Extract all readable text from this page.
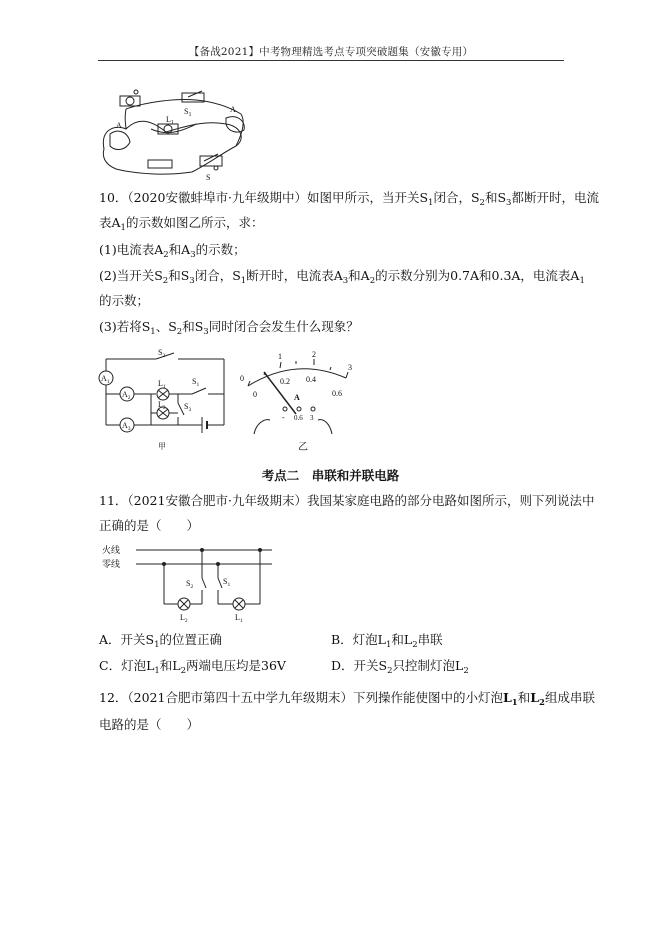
【备战2021】中考物理精选考点专项突破题集（安徽专用）
$S_1$
$L_1$
A
A
S
10．（2020安徽蚌埠市·九年级期中）如图甲所示，当开关$S_1$闭合，$S_2$和$S_3$都断开时，电流
表$A_1$的示数如图乙所示，求：
(1)电流表$A_2$和$A_3$的示数；
(2)当开关$S_2$和$S_3$闭合，$S_1$断开时，电流表$A_3$和$A_2$的示数分别为0.7A和0.3A，电流表$A_1$
的示数；
(3)若将$S_1$、$S_2$和$S_3$同时闭合会发生什么现象？
$A_1$
$A_2$
$A_3$
$S_2$
$L_1$
$S_1$
$L_2$ $S_3$
甲
0
1	2
3
0
0.2 0.4
0.6
A
- 0.6 3
乙
考点二　串联和并联电路
11．（2021安徽合肥市·九年级期末）我国某家庭电路的部分电路如图所示，则下列说法中
正确的是（　　）
火线
零线
$S_2$
$S_1$
$L_2$	$L_1$
A．开关$S_1$的位置正确	B．灯泡$L_1$和$L_2$串联
C．灯泡$L_1$和$L_2$两端电压均是36V	D．开关$S_2$只控制灯泡$L_2$
12．（2021合肥市第四十五中学九年级期末）下列操作能使图中的小灯泡$L_1$和$L_2$组成串联
电路的是（　　）
